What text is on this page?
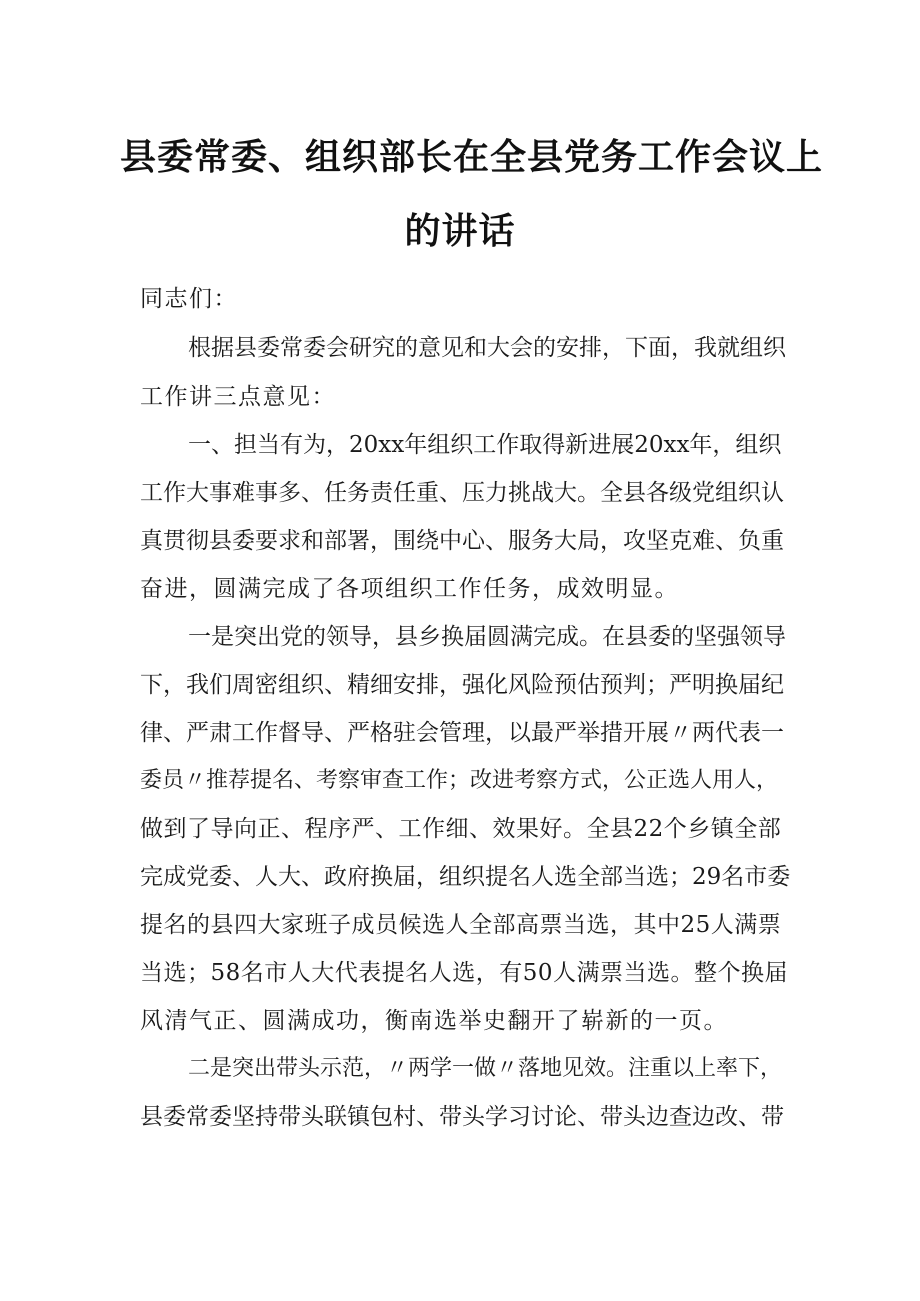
县委常委、组织部长在全县党务工作会议上
的讲话
同志们：
根据县委常委会研究的意见和大会的安排，下面，我就组织
工作讲三点意见：
一、担当有为，20xx年组织工作取得新进展20xx年，组织
工作大事难事多、任务责任重、压力挑战大。全县各级党组织认
真贯彻县委要求和部署，围绕中心、服务大局，攻坚克难、负重
奋进，圆满完成了各项组织工作任务，成效明显。
一是突出党的领导，县乡换届圆满完成。在县委的坚强领导
下，我们周密组织、精细安排，强化风险预估预判；严明换届纪
律、严肃工作督导、严格驻会管理，以最严举措开展〃两代表一
委员〃推荐提名、考察审查工作；改进考察方式，公正选人用人，
做到了导向正、程序严、工作细、效果好。全县22个乡镇全部
完成党委、人大、政府换届，组织提名人选全部当选；29名市委
提名的县四大家班子成员候选人全部高票当选，其中25人满票
当选；58名市人大代表提名人选，有50人满票当选。整个换届
风清气正、圆满成功，衡南选举史翻开了崭新的一页。
二是突出带头示范，〃两学一做〃落地见效。注重以上率下，
县委常委坚持带头联镇包村、带头学习讨论、带头边查边改、带
